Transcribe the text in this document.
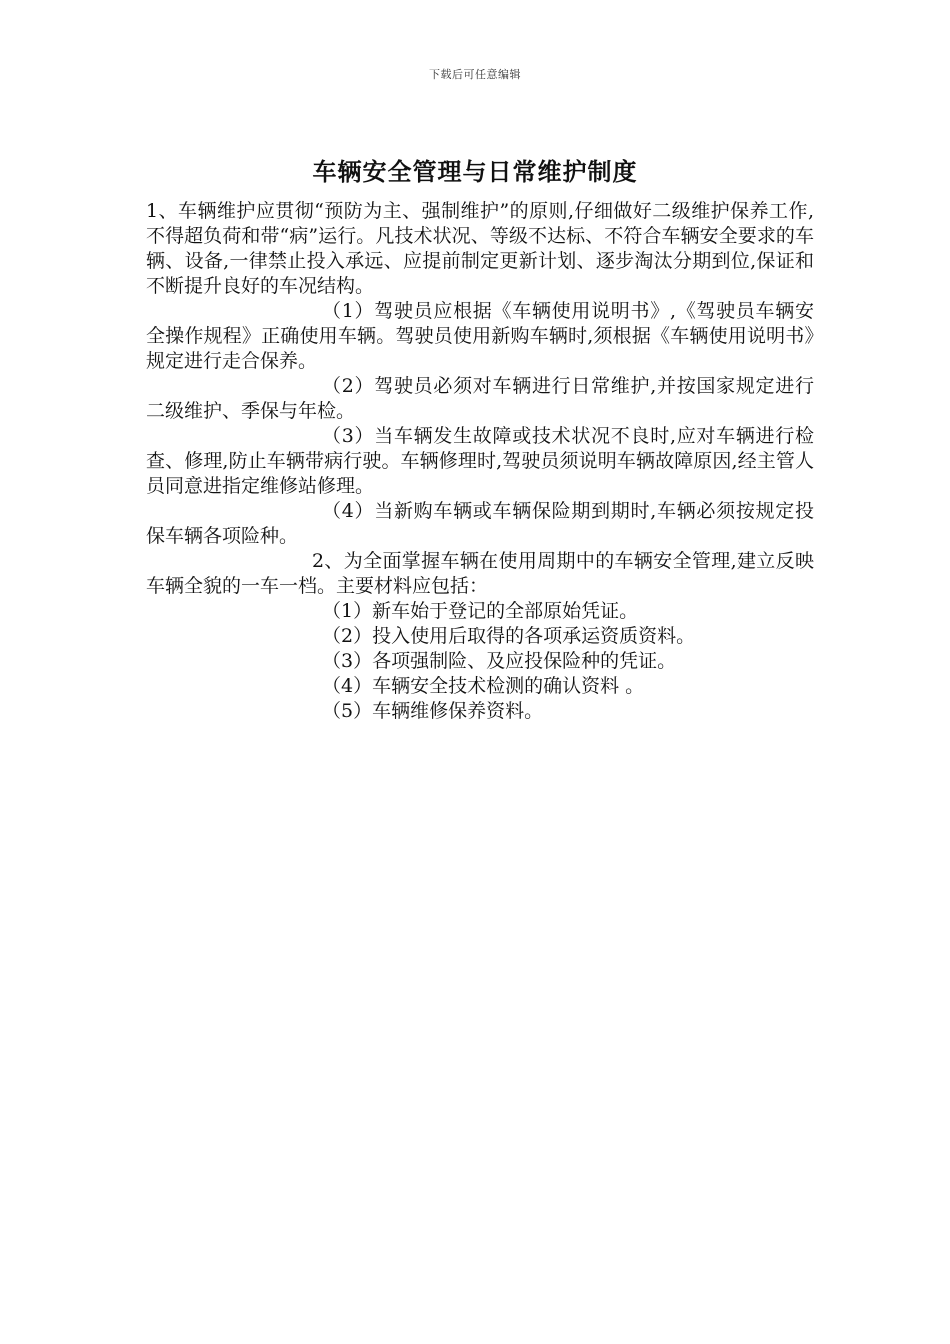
下载后可任意编辑
车辆安全管理与日常维护制度

1、车辆维护应贯彻“预防为主、强制维护”的原则,仔细做好二级维护保养工作,不得超负荷和带“病”运行。凡技术状况、等级不达标、不符合车辆安全要求的车辆、设备,一律禁止投入承远、应提前制定更新计划、逐步淘汰分期到位,保证和不断提升良好的车况结构。

（1）驾驶员应根据《车辆使用说明书》,《驾驶员车辆安全操作规程》正确使用车辆。驾驶员使用新购车辆时,须根据《车辆使用说明书》规定进行走合保养。

（2）驾驶员必须对车辆进行日常维护,并按国家规定进行二级维护、季保与年检。

（3）当车辆发生故障或技术状况不良时,应对车辆进行检查、修理,防止车辆带病行驶。车辆修理时,驾驶员须说明车辆故障原因,经主管人员同意进指定维修站修理。

（4）当新购车辆或车辆保险期到期时,车辆必须按规定投保车辆各项险种。

2、为全面掌握车辆在使用周期中的车辆安全管理,建立反映车辆全貌的一车一档。主要材料应包括：

（1）新车始于登记的全部原始凭证。

（2）投入使用后取得的各项承运资质资料。

（3）各项强制险、及应投保险种的凭证。

（4）车辆安全技术检测的确认资料 。

（5）车辆维修保养资料。
